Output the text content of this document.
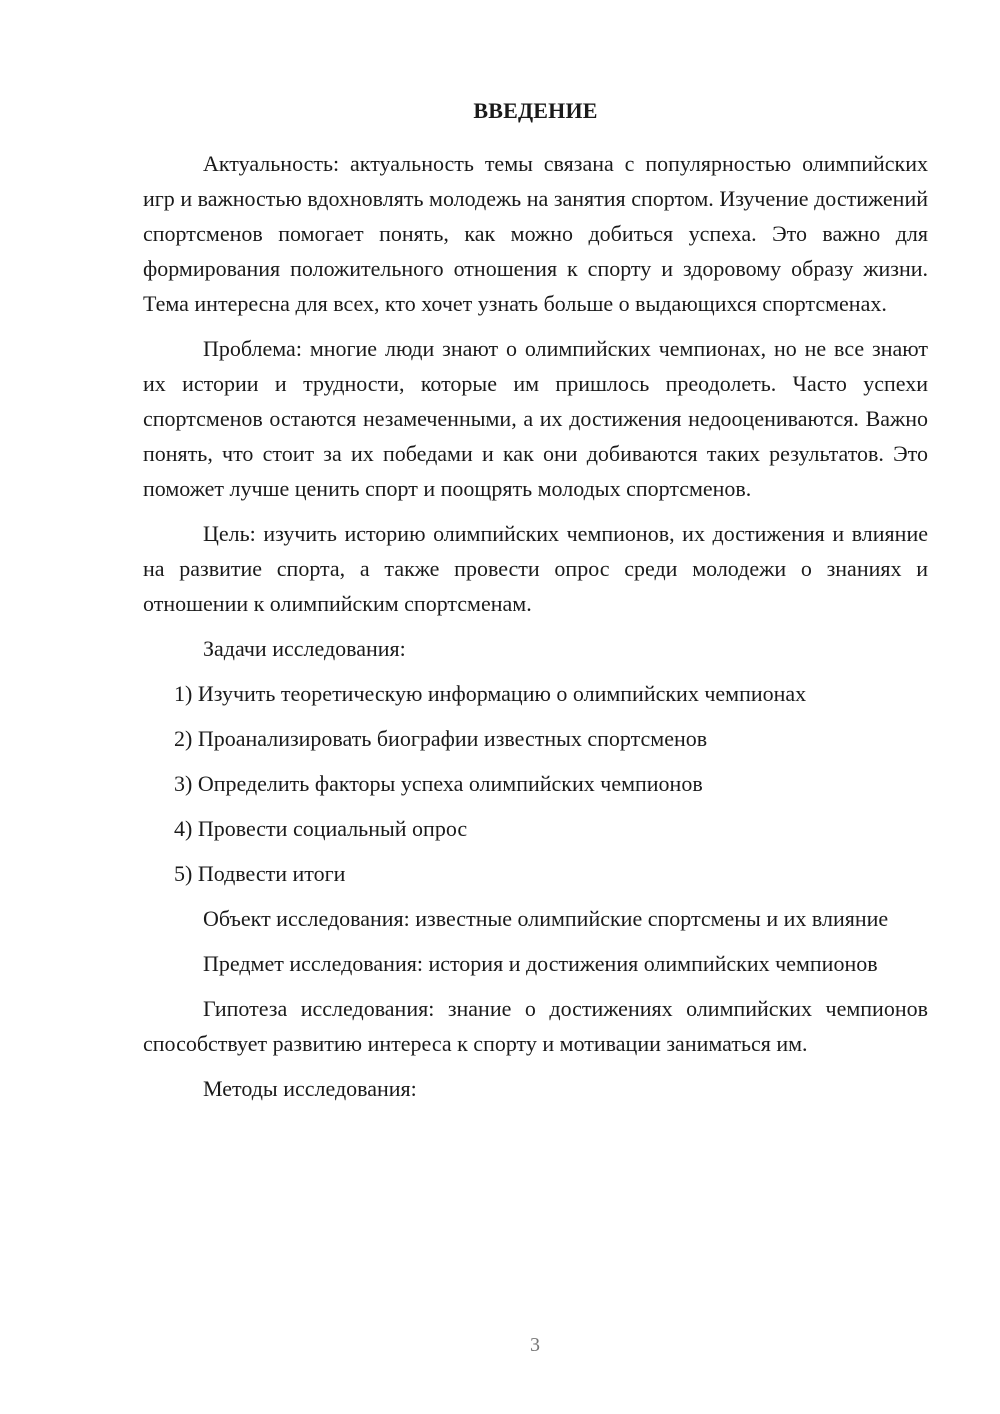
ВВЕДЕНИЕ

Актуальность: актуальность темы связана с популярностью олимпийских игр и важностью вдохновлять молодежь на занятия спортом. Изучение достижений спортсменов помогает понять, как можно добиться успеха. Это важно для формирования положительного отношения к спорту и здоровому образу жизни. Тема интересна для всех, кто хочет узнать больше о выдающихся спортсменах.

Проблема: многие люди знают о олимпийских чемпионах, но не все знают их истории и трудности, которые им пришлось преодолеть. Часто успехи спортсменов остаются незамеченными, а их достижения недооцениваются. Важно понять, что стоит за их победами и как они добиваются таких результатов. Это поможет лучше ценить спорт и поощрять молодых спортсменов.

Цель: изучить историю олимпийских чемпионов, их достижения и влияние на развитие спорта, а также провести опрос среди молодежи о знаниях и отношении к олимпийским спортсменам.

Задачи исследования:

1) Изучить теоретическую информацию о олимпийских чемпионах
2) Проанализировать биографии известных спортсменов
3) Определить факторы успеха олимпийских чемпионов
4) Провести социальный опрос
5) Подвести итоги

Объект исследования: известные олимпийские спортсмены и их влияние

Предмет исследования: история и достижения олимпийских чемпионов

Гипотеза исследования: знание о достижениях олимпийских чемпионов способствует развитию интереса к спорту и мотивации заниматься им.

Методы исследования:

3
